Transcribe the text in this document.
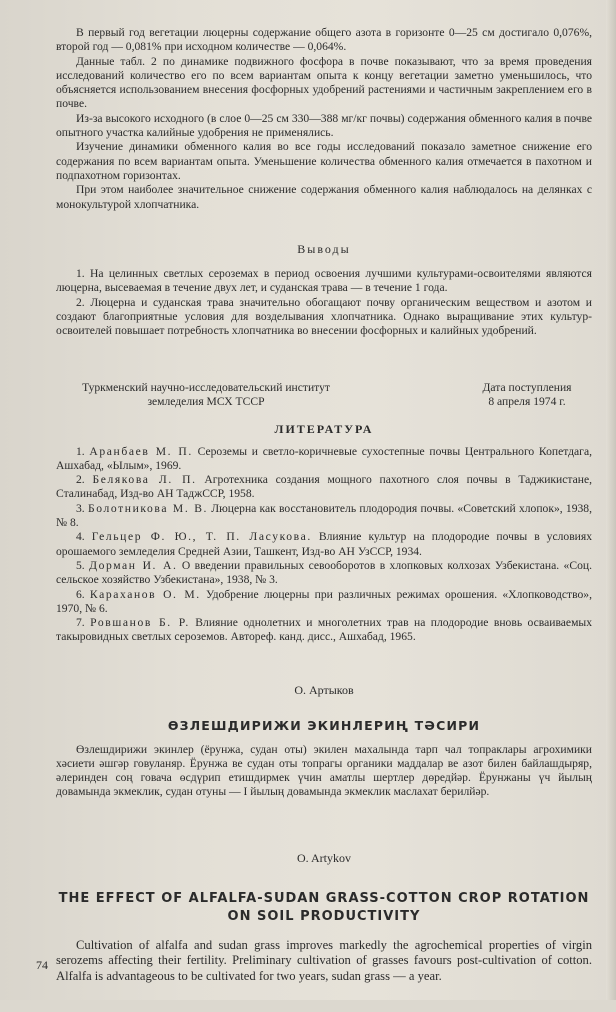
В первый год вегетации люцерны содержание общего азота в горизонте 0—25 см достигало 0,076%, второй год — 0,081% при исходном количестве — 0,064%.

Данные табл. 2 по динамике подвижного фосфора в почве показывают, что за время проведения исследований количество его по всем вариантам опыта к концу вегетации заметно уменьшилось, что объясняется использованием внесения фосфорных удобрений растениями и частичным закреплением его в почве.

Из-за высокого исходного (в слое 0—25 см 330—388 мг/кг почвы) содержания обменного калия в почве опытного участка калийные удобрения не применялись.

Изучение динамики обменного калия во все годы исследований показало заметное снижение его содержания по всем вариантам опыта. Уменьшение количества обменного калия отмечается в пахотном и подпахотном горизонтах.

При этом наиболее значительное снижение содержания обменного калия наблюдалось на делянках с монокультурой хлопчатника.

Выводы

1. На целинных светлых сероземах в период освоения лучшими культурами-освоителями являются люцерна, высеваемая в течение двух лет, и суданская трава — в течение 1 года.

2. Люцерна и суданская трава значительно обогащают почву органическим веществом и азотом и создают благоприятные условия для возделывания хлопчатника. Однако выращивание этих культур-освоителей повышает потребность хлопчатника во внесении фосфорных и калийных удобрений.

Туркменский научно-исследовательский институт
земледелия МСХ ТССР
Дата поступления
8 апреля 1974 г.
ЛИТЕРАТУРА

1. Аранбаев М. П. Сероземы и светло-коричневые сухостепные почвы Центрального Копетдага, Ашхабад, «Ылым», 1969.

2. Белякова Л. П. Агротехника создания мощного пахотного слоя почвы в Таджикистане, Сталинабад, Изд-во АН ТаджССР, 1958.

3. Болотникова М. В. Люцерна как восстановитель плодородия почвы. «Советский хлопок», 1938, № 8.

4. Гельцер Ф. Ю., Т. П. Ласукова. Влияние культур на плодородие почвы в условиях орошаемого земледелия Средней Азии, Ташкент, Изд-во АН УзССР, 1934.

5. Дорман И. А. О введении правильных севооборотов в хлопковых колхозах Узбекистана. «Соц. сельское хозяйство Узбекистана», 1938, № 3.

6. Караханов О. М. Удобрение люцерны при различных режимах орошения. «Хлопководство», 1970, № 6.

7. Ровшанов Б. Р. Влияние однолетних и многолетних трав на плодородие вновь осваиваемых такыровидных светлых сероземов. Автореф. канд. дисс., Ашхабад, 1965.

О. Артыков
ӨЗЛЕШДИРИЖИ ЭКИНЛЕРИҢ ТӘСИРИ

Өзлешдирижи экинлер (ёрунжа, судан оты) экилен махалында тарп чал топраклары агрохимики хәсиети әшгәр говуланяр. Ёрунжа ве судан оты топрагы органики маддалар ве азот билен байлашдыряр, әлеринден соң говача өсдүрип етишдирмек үчин аматлы шертлер дөредйәр. Ёрунжаны үч йылың довамында экмеклик, судан отуны — I йылың довамында экмеклик маслахат берилйәр.

O. Artykov
THE EFFECT OF ALFALFA-SUDAN GRASS-COTTON CROP ROTATION
ON SOIL PRODUCTIVITY

Cultivation of alfalfa and sudan grass improves markedly the agrochemical properties of virgin serozems affecting their fertility. Preliminary cultivation of grasses favours post-cultivation of cotton. Alfalfa is advantageous to be cultivated for two years, sudan grass — a year.

74
